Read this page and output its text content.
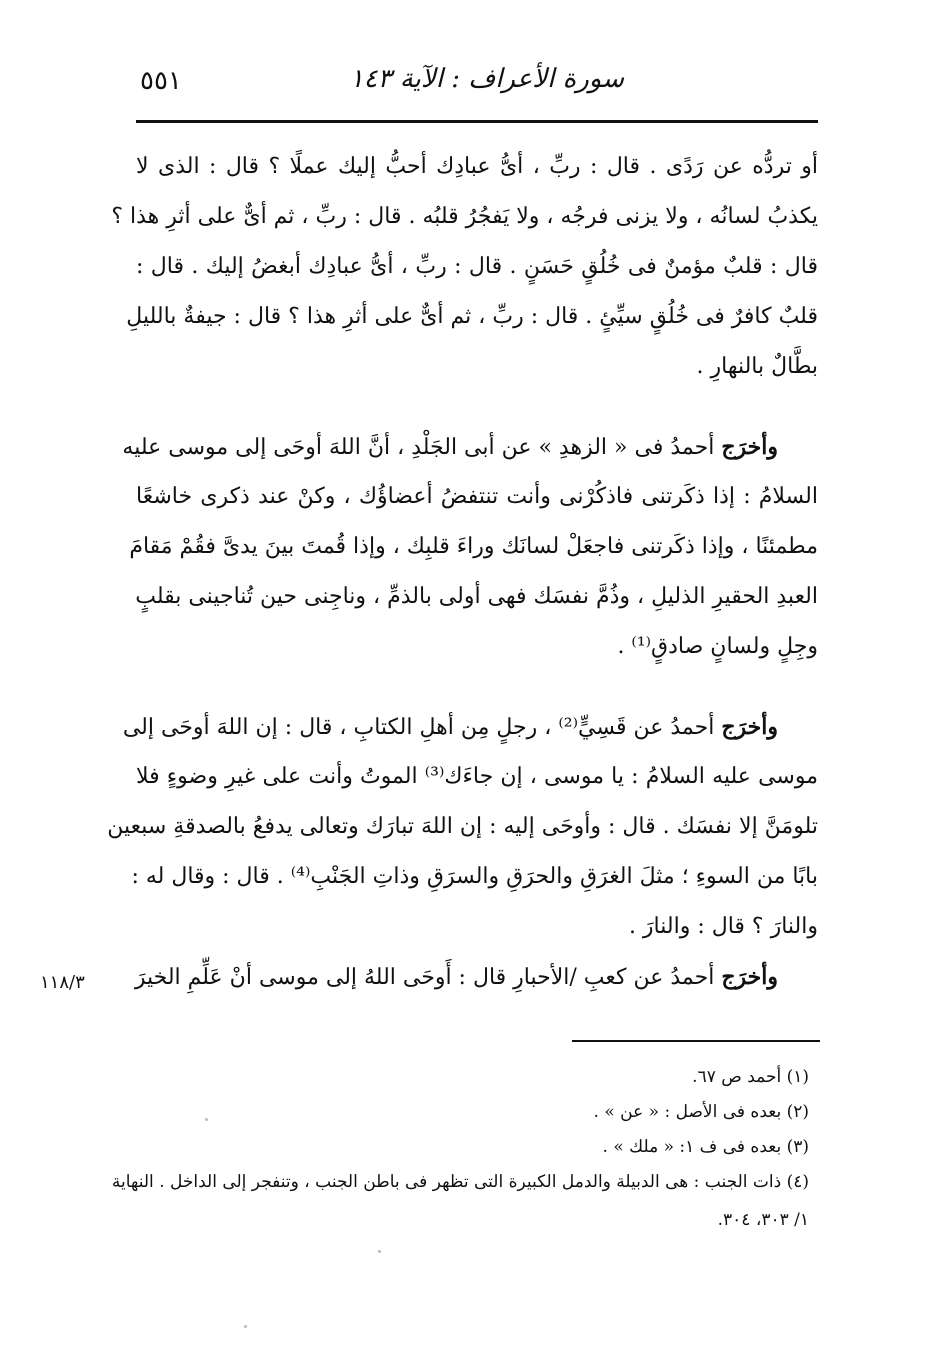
٥٥١	سورة الأعراف : الآية ١٤٣
أو تردُّه عن رَدًى . قال : ربِّ ، أىُّ عبادِك أحبُّ إليك عملًا ؟ قال : الذى لا
يكذبُ لسانُه ، ولا يزنى فرجُه ، ولا يَفجُرُ قلبُه . قال : ربِّ ، ثم أىٌّ على أثرِ هذا ؟
قال : قلبٌ مؤمنٌ فى خُلُقٍ حَسَنٍ . قال : ربِّ ، أىُّ عبادِك أبغضُ إليك . قال :
قلبٌ كافرٌ فى خُلُقٍ سيِّئٍ . قال : ربِّ ، ثم أىٌّ على أثرِ هذا ؟ قال : جيفةٌ بالليلِ
بطَّالٌ بالنهارِ .
وأخرَج أحمدُ فى « الزهدِ » عن أبى الجَلْدِ ، أنَّ اللهَ أوحَى إلى موسى عليه
السلامُ : إذا ذكَرتنى فاذكُرْنى وأنت تنتفضُ أعضاؤُك ، وكنْ عند ذكرى خاشعًا
مطمئنًا ، وإذا ذكَرتنى فاجعَلْ لسانَك وراءَ قلبِك ، وإذا قُمتَ بينَ يدىَّ فقُمْ مَقامَ
العبدِ الحقيرِ الذليلِ ، وذُمَّ نفسَك فهى أولى بالذمِّ ، وناجِنى حين تُناجينى بقلبٍ
وجِلٍ ولسانٍ صادقٍ⁽¹⁾ .
وأخرَج أحمدُ عن قَسِيٍّ⁽²⁾ ، رجلٍ مِن أهلِ الكتابِ ، قال : إن اللهَ أوحَى إلى
موسى عليه السلامُ : يا موسى ، إن جاءَك⁽³⁾ الموتُ وأنت على غيرِ وضوءٍ فلا
تلومَنَّ إلا نفسَك . قال : وأوحَى إليه : إن اللهَ تبارَك وتعالى يدفعُ بالصدقةِ سبعين
بابًا من السوءِ ؛ مثلَ الغرَقِ والحرَقِ والسرَقِ وذاتِ الجَنْبِ⁽⁴⁾ . قال : وقال له :
والنارَ ؟ قال : والنارَ .
وأخرَج أحمدُ عن كعبِ /الأحبارِ قال : أَوحَى اللهُ إلى موسى أنْ عَلِّمِ الخيرَ
١١٨/٣
(١) أحمد ص ٦٧.
(٢) بعده فى الأصل : « عن » .
(٣) بعده فى ف ١: « ملك » .
(٤) ذات الجنب : هى الدبيلة والدمل الكبيرة التى تظهر فى باطن الجنب ، وتنفجر إلى الداخل . النهاية
١/ ٣٠٣، ٣٠٤.
